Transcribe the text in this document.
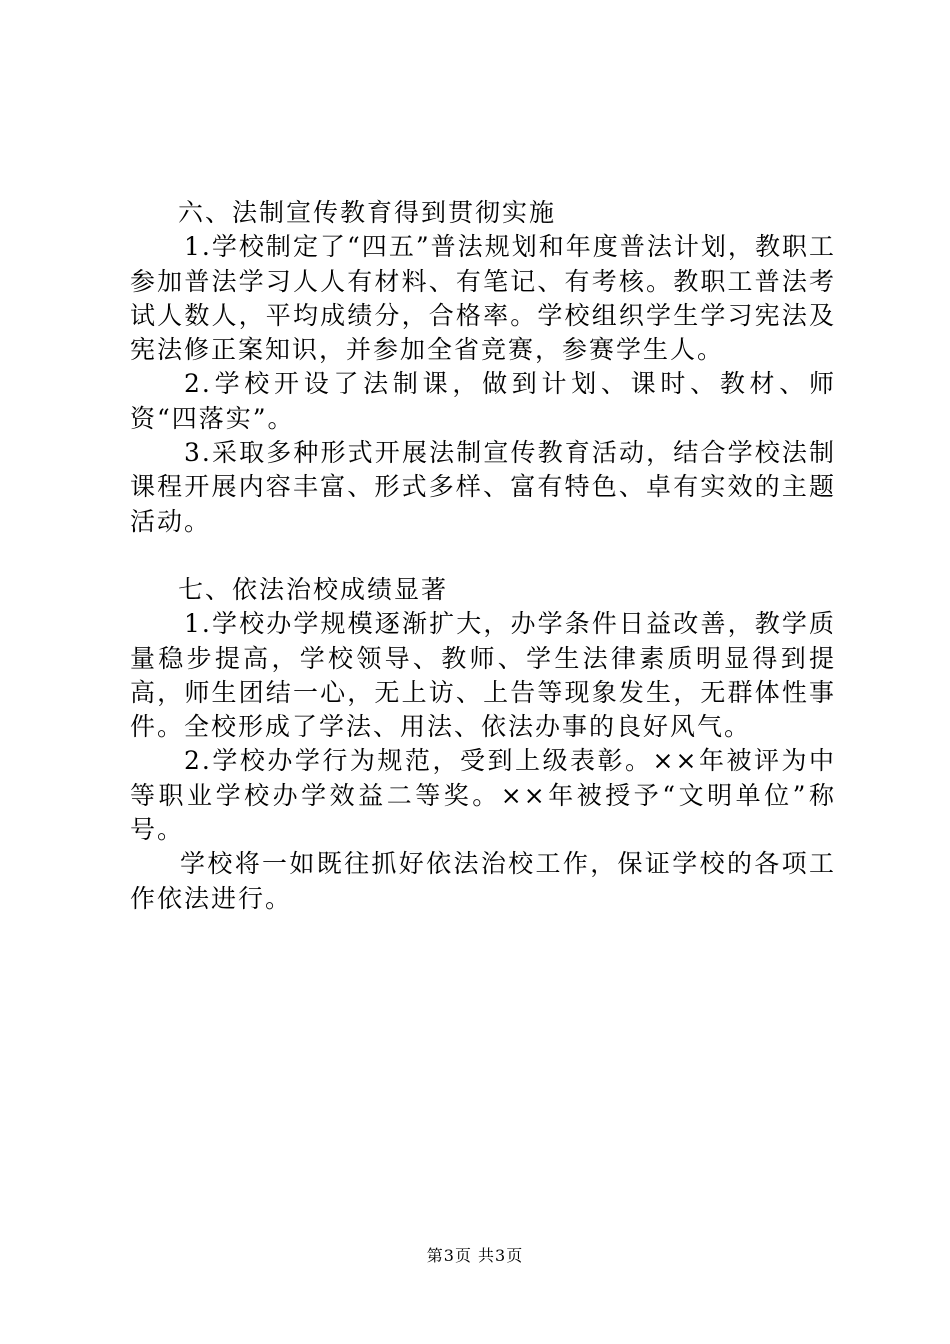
六、法制宣传教育得到贯彻实施

1.学校制定了“四五”普法规划和年度普法计划，教职工参加普法学习人人有材料、有笔记、有考核。教职工普法考试人数人，平均成绩分，合格率。学校组织学生学习宪法及宪法修正案知识，并参加全省竞赛，参赛学生人。

2.学校开设了法制课，做到计划、课时、教材、师资“四落实”。

3.采取多种形式开展法制宣传教育活动，结合学校法制课程开展内容丰富、形式多样、富有特色、卓有实效的主题活动。

七、依法治校成绩显著

1.学校办学规模逐渐扩大，办学条件日益改善，教学质量稳步提高，学校领导、教师、学生法律素质明显得到提高，师生团结一心，无上访、上告等现象发生，无群体性事件。全校形成了学法、用法、依法办事的良好风气。

2.学校办学行为规范，受到上级表彰。××年被评为中等职业学校办学效益二等奖。××年被授予“文明单位”称号。

学校将一如既往抓好依法治校工作，保证学校的各项工作依法进行。

第3页 共3页
